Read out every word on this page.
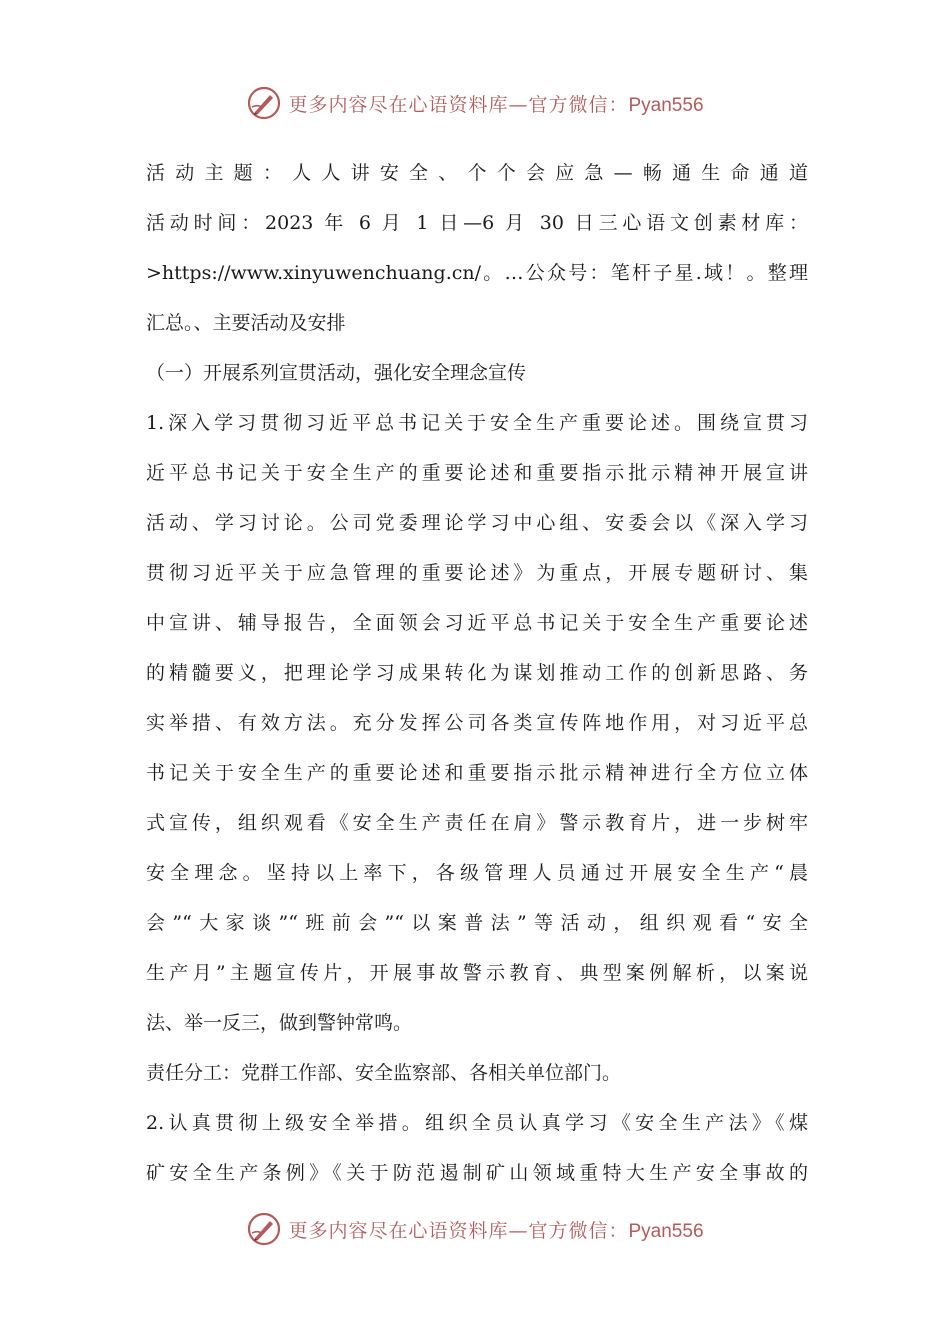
更多内容尽在心语资料库—官方微信：Pyan556
活动主题：人人讲安全、个个会应急—畅通生命通道
活动时间：2023 年 6 月 1 日—6 月 30 日三心语文创素材库：
>https://www.xinyuwenchuang.cn/。…公众号：笔杆子星.域！。整理
汇总。、主要活动及安排
（一）开展系列宣贯活动，强化安全理念宣传
1.深入学习贯彻习近平总书记关于安全生产重要论述。围绕宣贯习
近平总书记关于安全生产的重要论述和重要指示批示精神开展宣讲
活动、学习讨论。公司党委理论学习中心组、安委会以《深入学习
贯彻习近平关于应急管理的重要论述》为重点，开展专题研讨、集
中宣讲、辅导报告，全面领会习近平总书记关于安全生产重要论述
的精髓要义，把理论学习成果转化为谋划推动工作的创新思路、务
实举措、有效方法。充分发挥公司各类宣传阵地作用，对习近平总
书记关于安全生产的重要论述和重要指示批示精神进行全方位立体
式宣传，组织观看《安全生产责任在肩》警示教育片，进一步树牢
安全理念。坚持以上率下，各级管理人员通过开展安全生产“晨
会”“大家谈”“班前会”“以案普法”等活动，组织观看“安全
生产月”主题宣传片，开展事故警示教育、典型案例解析，以案说
法、举一反三，做到警钟常鸣。
责任分工：党群工作部、安全监察部、各相关单位部门。
2.认真贯彻上级安全举措。组织全员认真学习《安全生产法》《煤
矿安全生产条例》《关于防范遏制矿山领域重特大生产安全事故的
更多内容尽在心语资料库—官方微信：Pyan556
